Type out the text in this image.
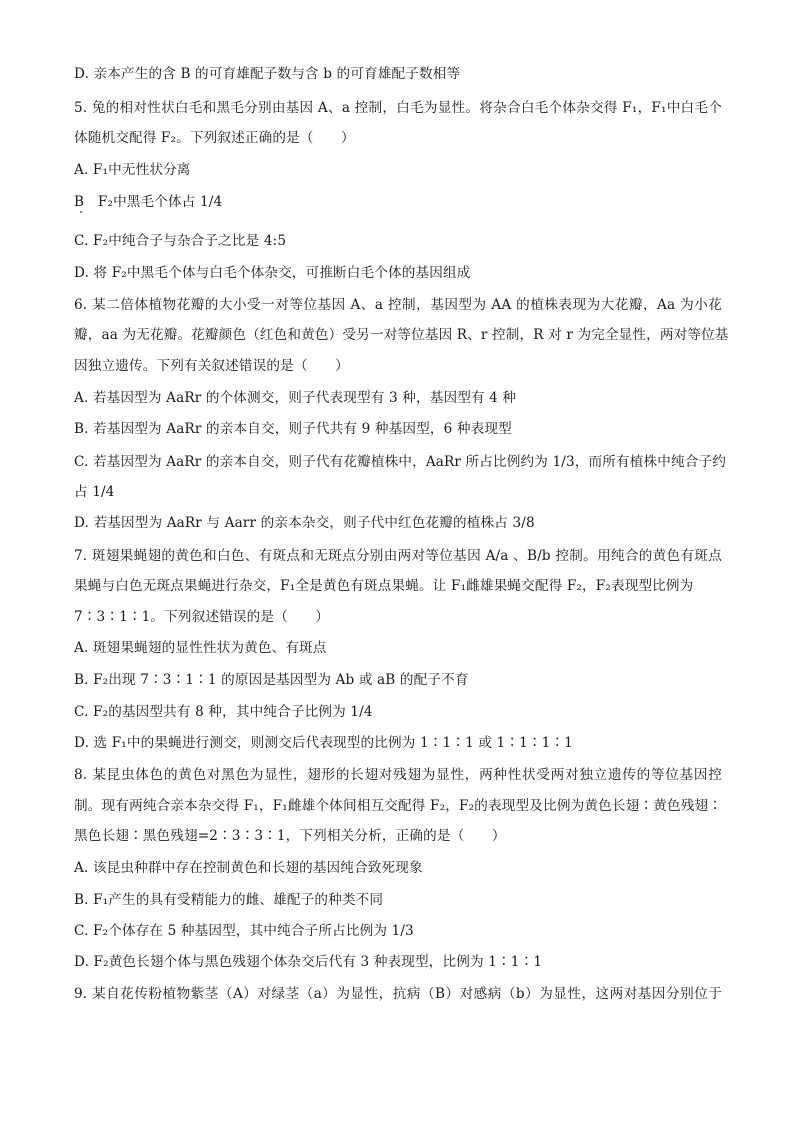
D. 亲本产生的含 B 的可育雄配子数与含 b 的可育雄配子数相等
5. 兔的相对性状白毛和黑毛分别由基因 A、a 控制，白毛为显性。将杂合白毛个体杂交得 F₁，F₁中白毛个
体随机交配得 F₂。下列叙述正确的是（　　）
A. F₁中无性状分离
B　F₂中黑毛个体占 1/4
C. F₂中纯合子与杂合子之比是 4:5
D. 将 F₂中黑毛个体与白毛个体杂交，可推断白毛个体的基因组成
6. 某二倍体植物花瓣的大小受一对等位基因 A、a 控制，基因型为 AA 的植株表现为大花瓣，Aa 为小花
瓣，aa 为无花瓣。花瓣颜色（红色和黄色）受另一对等位基因 R、r 控制，R 对 r 为完全显性，两对等位基
因独立遗传。下列有关叙述错误的是（　　）
A. 若基因型为 AaRr 的个体测交，则子代表现型有 3 种，基因型有 4 种
B. 若基因型为 AaRr 的亲本自交，则子代共有 9 种基因型，6 种表现型
C. 若基因型为 AaRr 的亲本自交，则子代有花瓣植株中，AaRr 所占比例约为 1/3，而所有植株中纯合子约
占 1/4
D. 若基因型为 AaRr 与 Aarr 的亲本杂交，则子代中红色花瓣的植株占 3/8
7. 斑翅果蝇翅的黄色和白色、有斑点和无斑点分别由两对等位基因 A/a 、B/b 控制。用纯合的黄色有斑点
果蝇与白色无斑点果蝇进行杂交，F₁全是黄色有斑点果蝇。让 F₁雌雄果蝇交配得 F₂，F₂表现型比例为
7∶3∶1∶1。下列叙述错误的是（　　）
A. 斑翅果蝇翅的显性性状为黄色、有斑点
B. F₂出现 7∶3∶1∶1 的原因是基因型为 Ab 或 aB 的配子不育
C. F₂的基因型共有 8 种，其中纯合子比例为 1/4
D. 选 F₁中的果蝇进行测交，则测交后代表现型的比例为 1∶1∶1 或 1∶1∶1∶1
8. 某昆虫体色的黄色对黑色为显性，翅形的长翅对残翅为显性，两种性状受两对独立遗传的等位基因控
制。现有两纯合亲本杂交得 F₁，F₁雌雄个体间相互交配得 F₂，F₂的表现型及比例为黄色长翅∶黄色残翅∶
黑色长翅∶黑色残翅=2∶3∶3∶1，下列相关分析，正确的是（　　）
A. 该昆虫种群中存在控制黄色和长翅的基因纯合致死现象
B. F₁产生的具有受精能力的雌、雄配子的种类不同
C. F₂个体存在 5 种基因型，其中纯合子所占比例为 1/3
D. F₂黄色长翅个体与黑色残翅个体杂交后代有 3 种表现型，比例为 1∶1∶1
9. 某自花传粉植物紫茎（A）对绿茎（a）为显性，抗病（B）对感病（b）为显性，这两对基因分别位于
